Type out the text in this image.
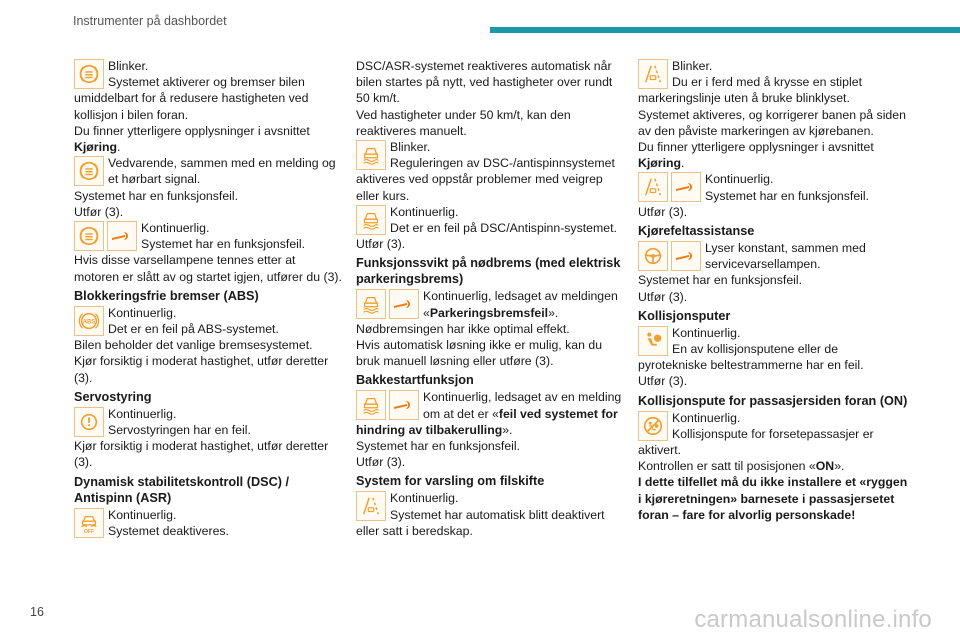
Instrumenter på dashbordet

Blinker.

Systemet aktiverer og bremser bilen umiddelbart for å redusere hastigheten ved kollisjon i bilen foran.

Du finner ytterligere opplysninger i avsnittet

Kjøring.

Vedvarende, sammen med en melding og et hørbart signal.

Systemet har en funksjonsfeil.

Utfør (3).

Kontinuerlig.

Systemet har en funksjonsfeil.

Hvis disse varsellampene tennes etter at motoren er slått av og startet igjen, utfører du (3).

Blokkeringsfrie bremser (ABS)
ABS

Kontinuerlig.

Det er en feil på ABS-systemet.

Bilen beholder det vanlige bremsesystemet.

Kjør forsiktig i moderat hastighet, utfør deretter (3).

Servostyring

Kontinuerlig.

Servostyringen har en feil.

Kjør forsiktig i moderat hastighet, utfør deretter (3).

Dynamisk stabilitetskontroll (DSC) / Antispinn (ASR)
OFF

Kontinuerlig.

Systemet deaktiveres.

DSC/ASR-systemet reaktiveres automatisk når bilen startes på nytt, ved hastigheter over rundt 50 km/t.

Ved hastigheter under 50 km/t, kan den reaktiveres manuelt.

Blinker.

Reguleringen av DSC-/antispinnsystemet aktiveres ved oppstår problemer med veigrep eller kurs.

Kontinuerlig.

Det er en feil på DSC/Antispinn-systemet.

Utfør (3).

Funksjonssvikt på nødbrems (med elektrisk parkeringsbrems)

Kontinuerlig, ledsaget av meldingen

«Parkeringsbremsfeil».

Nødbremsingen har ikke optimal effekt.

Hvis automatisk løsning ikke er mulig, kan du bruk manuell løsning eller utføre (3).

Bakkestartfunksjon

Kontinuerlig, ledsaget av en melding om at det er «feil ved systemet for hindring av tilbakerulling».

Systemet har en funksjonsfeil.

Utfør (3).

System for varsling om filskifte

Kontinuerlig.

Systemet har automatisk blitt deaktivert eller satt i beredskap.

Blinker.

Du er i ferd med å krysse en stiplet markeringslinje uten å bruke blinklyset.

Systemet aktiveres, og korrigerer banen på siden av den påviste markeringen av kjørebanen.

Du finner ytterligere opplysninger i avsnittet

Kjøring.

Kontinuerlig.

Systemet har en funksjonsfeil.

Utfør (3).

Kjørefeltassistanse

Lyser konstant, sammen med servicevarsellampen.

Systemet har en funksjonsfeil.

Utfør (3).

Kollisjonsputer

Kontinuerlig.

En av kollisjonsputene eller de pyrotekniske beltestrammerne har en feil.

Utfør (3).

Kollisjonspute for passasjersiden foran (ON)

Kontinuerlig.

Kollisjonspute for forsetepassasjer er aktivert.

Kontrollen er satt til posisjonen «ON».

I dette tilfellet må du ikke installere et «ryggen i kjøreretningen» barnesete i passasjersetet foran – fare for alvorlig personskade!

16	carmanualsonline.info
